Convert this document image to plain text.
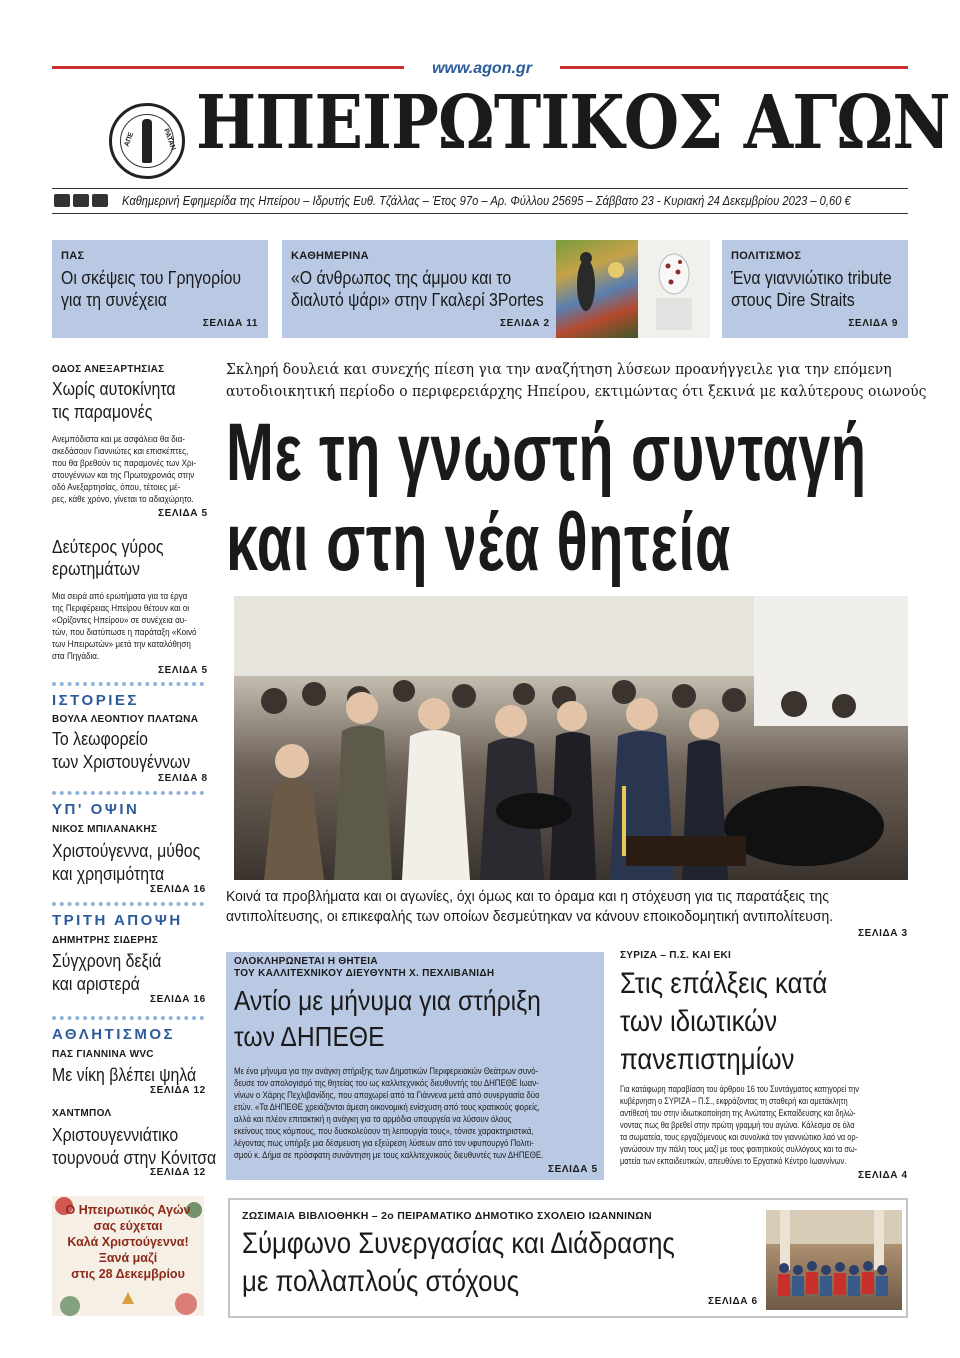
www.agon.gr
ΑΠΕ	ΡΑΤΑΝ ΗΠΕΙΡΩΤΙΚΟΣ ΑΓΩΝ
Καθημερινή Εφημερίδα της Ηπείρου – Ιδρυτής Ευθ. Τζάλλας – Έτος 97ο – Αρ. Φύλλου 25695 – Σάββατο 23 - Κυριακή 24 Δεκεμβρίου 2023 – 0,60 €
ΠΑΣ
Οι σκέψεις του Γρηγορίου
για τη συνέχεια
ΣΕΛΙΔΑ 11
ΚΑΘΗΜΕΡΙΝΑ
«Ο άνθρωπος της άμμου και το
διαλυτό ψάρι» στην Γκαλερί 3Portes
ΣΕΛΙΔΑ 2
ΠΟΛΙΤΙΣΜΟΣ
Ένα γιαννιώτικο tribute
στους Dire Straits
ΣΕΛΙΔΑ 9
ΟΔΟΣ ΑΝΕΞΑΡΤΗΣΙΑΣ
Χωρίς αυτοκίνητα
τις παραμονές
Ανεμπόδιστα και με ασφάλεια θα δια-
σκεδάσουν Γιαννιώτες και επισκέπτες,
που θα βρεθούν τις παραμονές των Χρι-
στουγέννων και της Πρωτοχρονιάς στην
οδό Ανεξαρτησίας, όπου, τέτοιες μέ-
ρες, κάθε χρόνο, γίνεται το αδιαχώρητο.
ΣΕΛΙΔΑ 5
Δεύτερος γύρος
ερωτημάτων
Μια σειρά από ερωτήματα για τα έργα
της Περιφέρειας Ηπείρου θέτουν και οι
«Ορίζοντες Ηπείρου» σε συνέχεια αυ-
τών, που διατύπωσε η παράταξη «Κοινό
των Ηπειρωτών» μετά την καταλόθηση
στα Πηγάδια.
ΣΕΛΙΔΑ 5
ΙΣΤΟΡΙΕΣ
ΒΟΥΛΑ ΛΕΟΝΤΙΟΥ ΠΛΑΤΩΝΑ
Το λεωφορείο
των Χριστουγέννων
ΣΕΛΙΔΑ 8
ΥΠ' ΟΨΙΝ
ΝΙΚΟΣ ΜΠΙΛΑΝΑΚΗΣ
Χριστούγεννα, μύθος
και χρησιμότητα
ΣΕΛΙΔΑ 16
ΤΡΙΤΗ ΑΠΟΨΗ
ΔΗΜΗΤΡΗΣ ΣΙΔΕΡΗΣ
Σύγχρονη δεξιά
και αριστερά
ΣΕΛΙΔΑ 16
ΑΘΛΗΤΙΣΜΟΣ
ΠΑΣ ΓΙΑΝΝΙΝΑ WVC
Με νίκη βλέπει ψηλά
ΣΕΛΙΔΑ 12
ΧΑΝΤΜΠΟΛ
Χριστουγεννιάτικο
τουρνουά στην Κόνιτσα
ΣΕΛΙΔΑ 12
Ο Ηπειρωτικός Αγών
σας εύχεται
Καλά Χριστούγεννα!
Ξανά μαζί
στις 28 Δεκεμβρίου
Σκληρή δουλειά και συνεχής πίεση για την αναζήτηση λύσεων προανήγγειλε για την επόμενη
αυτοδιοικητική περίοδο ο περιφερειάρχης Ηπείρου, εκτιμώντας ότι ξεκινά με καλύτερους οιωνούς
Με τη γνωστή συνταγή
και στη νέα θητεία
Κοινά τα προβλήματα και οι αγωνίες, όχι όμως και το όραμα και η στόχευση για τις παρατάξεις της
αντιπολίτευσης, οι επικεφαλής των οποίων δεσμεύτηκαν να κάνουν εποικοδομητική αντιπολίτευση.
ΣΕΛΙΔΑ 3
ΟΛΟΚΛΗΡΩΝΕΤΑΙ Η ΘΗΤΕΙΑ
ΤΟΥ ΚΑΛΛΙΤΕΧΝΙΚΟΥ ΔΙΕΥΘΥΝΤΗ Χ. ΠΕΧΛΙΒΑΝΙΔΗ
Αντίο με μήνυμα για στήριξη
των ΔΗΠΕΘΕ
Με ένα μήνυμα για την ανάγκη στήριξης των Δημοτικών Περιφερειακών Θεάτρων συνό-
δευσε τον απολογισμό της θητείας του ως καλλιτεχνικός διευθυντής του ΔΗΠΕΘΕ Ιωαν-
νίνων ο Χάρης Πεχλιβανίδης, που αποχωρεί από τα Γιάννενα μετά από συνεργασία δύο
ετών. «Τα ΔΗΠΕΘΕ χρειάζονται άμεση οικονομική ενίσχυση από τους κρατικούς φορείς,
αλλά και πλέον επιτακτική η ανάγκη για τα αρμόδια υπουργεία να λύσουν όλους
εκείνους τους κόμπους, που δυσκολεύουν τη λειτουργία τους», τόνισε χαρακτηριστικά,
λέγοντας πως υπήρξε μια δέσμευση για εξεύρεση λύσεων από τον υφυπουργό Πολιτι-
σμού κ. Δήμα σε πρόσφατη συνάντηση με τους καλλιτεχνικούς διευθυντές των ΔΗΠΕΘΕ.
ΣΕΛΙΔΑ 5
ΣΥΡΙΖΑ – Π.Σ. ΚΑΙ ΕΚΙ
Στις επάλξεις κατά
των ιδιωτικών
πανεπιστημίων
Για κατάφωρη παραβίαση του άρθρου 16 του Συντάγματος κατηγορεί την
κυβέρνηση ο ΣΥΡΙΖΑ – Π.Σ., εκφράζοντας τη σταθερή και αμετάκλητη
αντίθεσή του στην ιδιωτικοποίηση της Ανώτατης Εκπαίδευσης και δηλώ-
νοντας πως θα βρεθεί στην πρώτη γραμμή του αγώνα. Κάλεσμα σε όλα
τα σωματεία, τους εργαζόμενους και συνολικά τον γιαννιώτικο λαό να ορ-
γανώσουν την πάλη τους μαζί με τους φοιτητικούς συλλόγους και τα σω-
ματεία των εκπαιδευτικών, απευθύνει το Εργατικό Κέντρο Ιωαννίνων.
ΣΕΛΙΔΑ 4
ΖΩΣΙΜΑΙΑ ΒΙΒΛΙΟΘΗΚΗ – 2ο ΠΕΙΡΑΜΑΤΙΚΟ ΔΗΜΟΤΙΚΟ ΣΧΟΛΕΙΟ ΙΩΑΝΝΙΝΩΝ
Σύμφωνο Συνεργασίας και Διάδρασης
με πολλαπλούς στόχους
ΣΕΛΙΔΑ 6
